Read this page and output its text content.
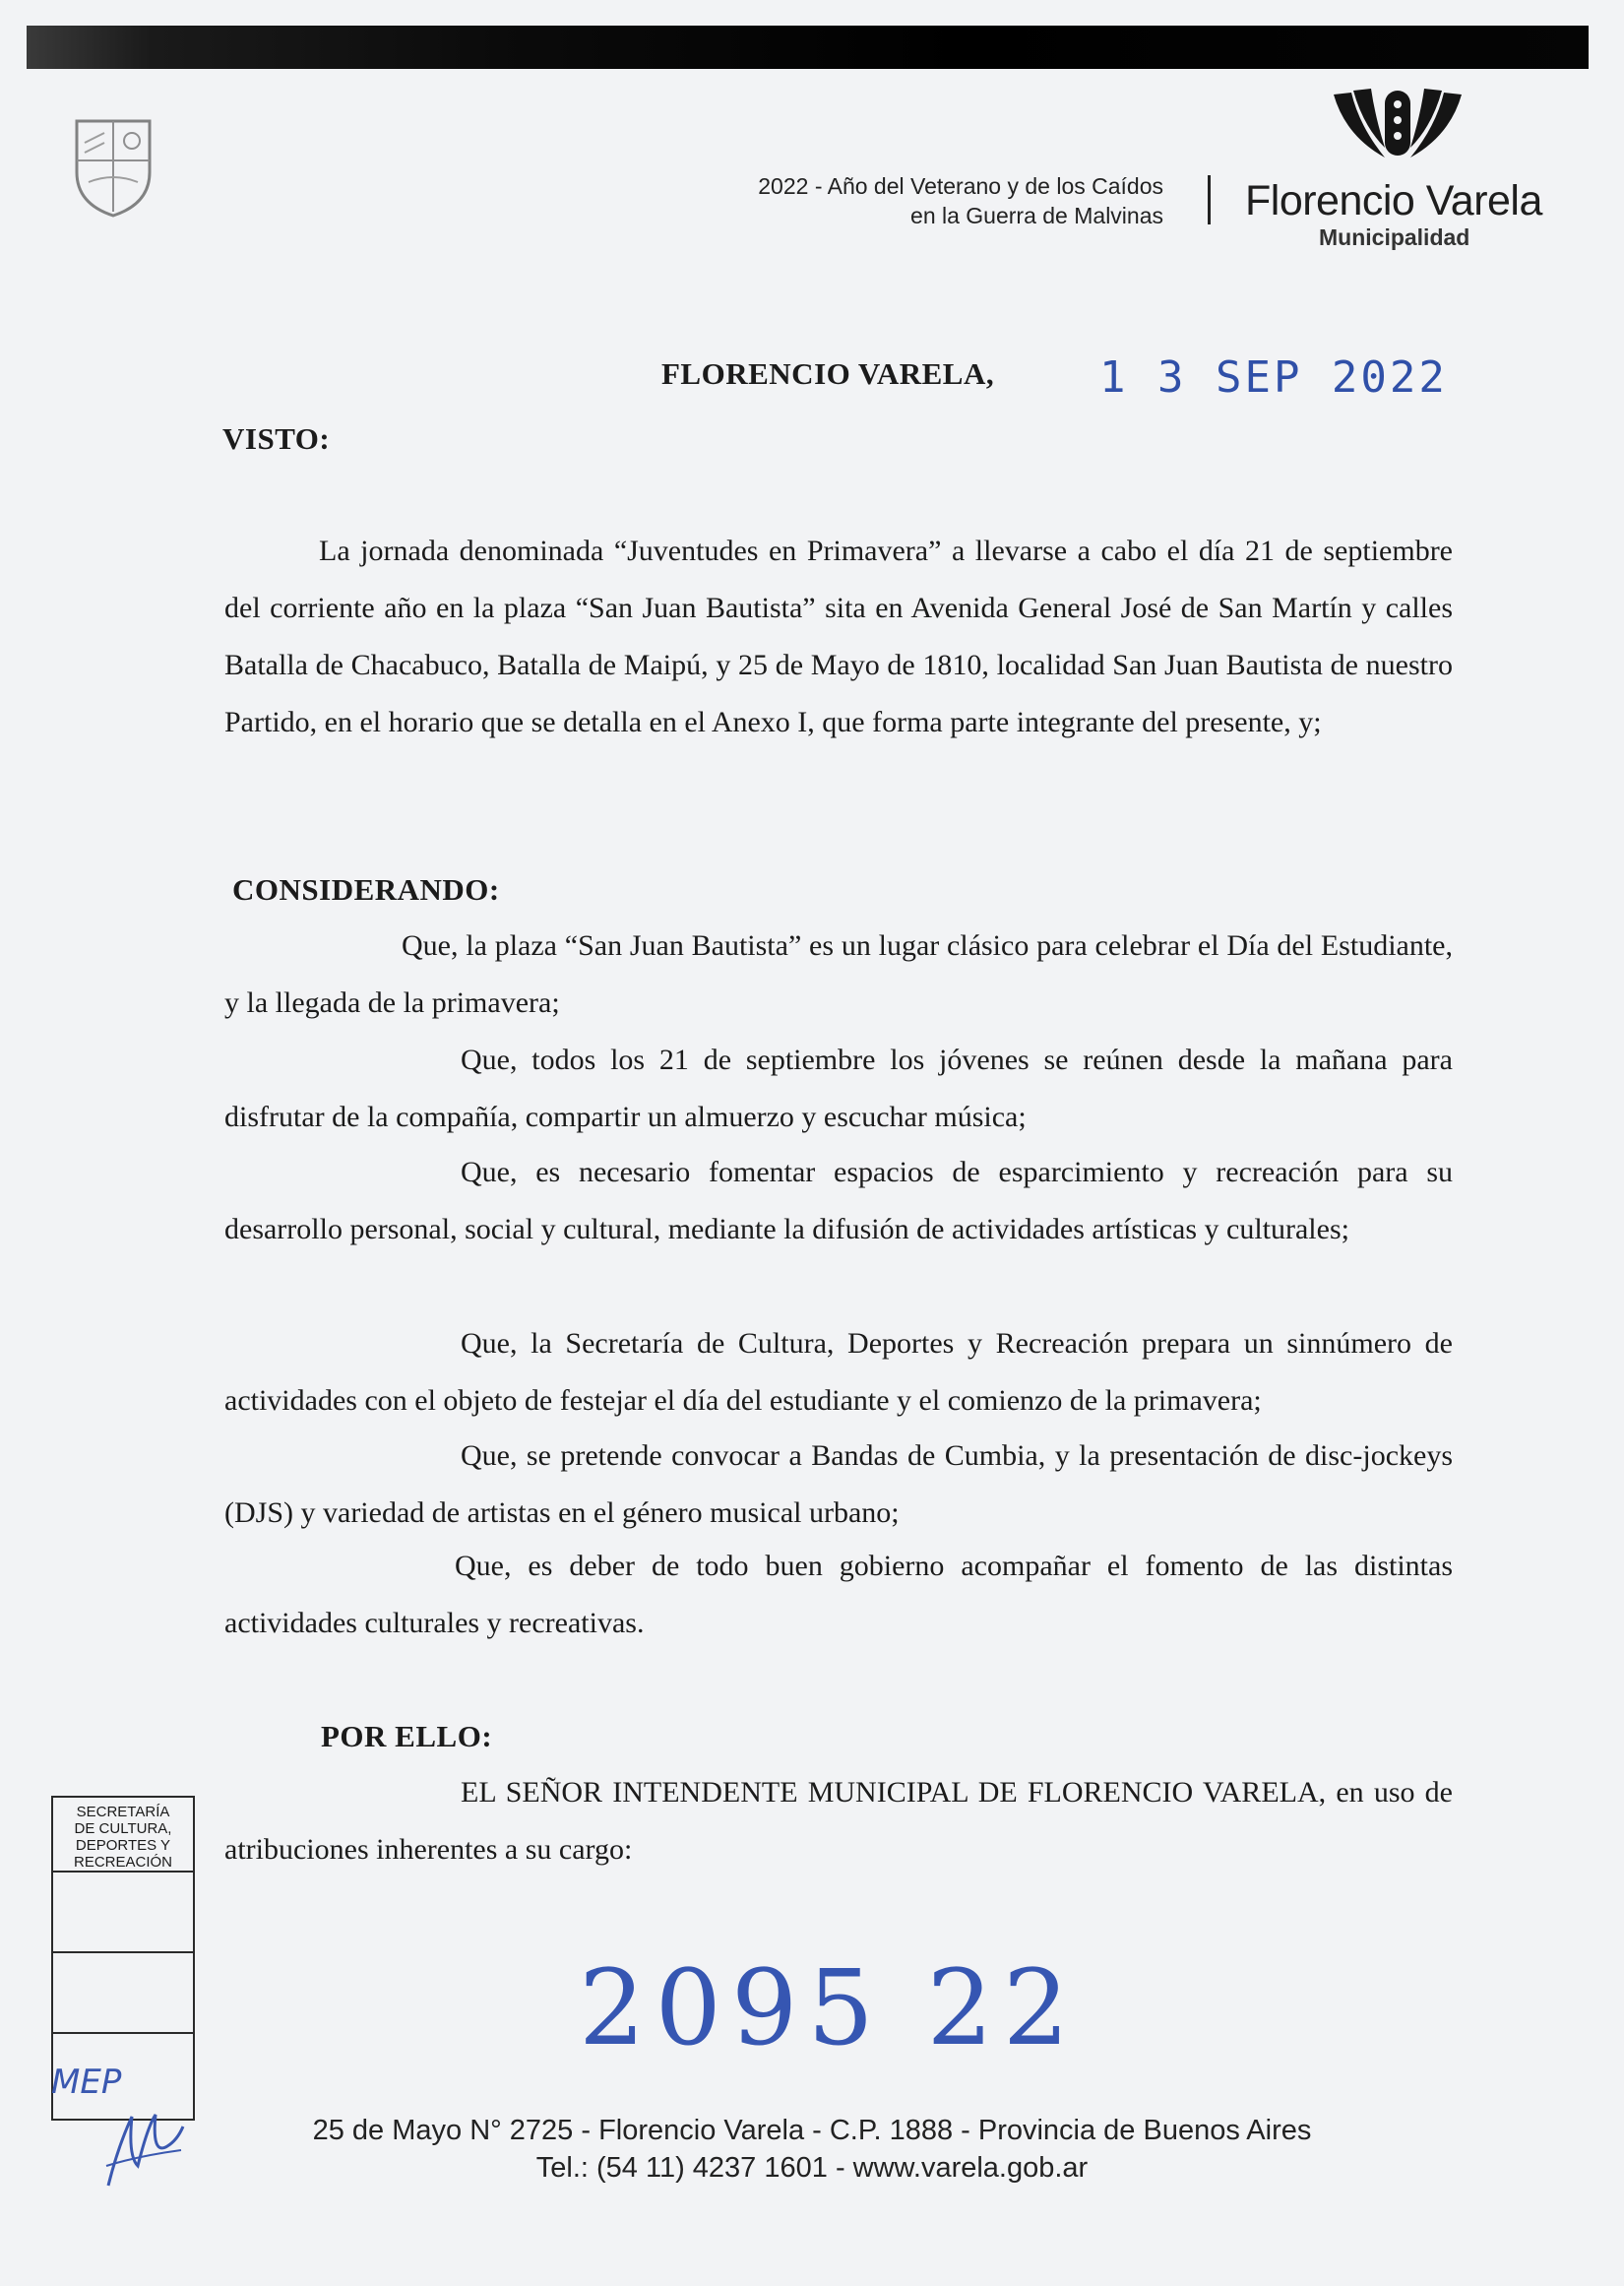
2022 - Año del Veterano y de los Caídos
en la Guerra de Malvinas Florencio Varela
Municipalidad
FLORENCIO VARELA, 1 3 SEP 2022
VISTO:

La jornada denominada “Juventudes en Primavera” a llevarse a cabo el día 21 de septiembre del corriente año en la plaza “San Juan Bautista” sita en Avenida General José de San Martín y calles Batalla de Chacabuco, Batalla de Maipú, y 25 de Mayo de 1810, localidad San Juan Bautista de nuestro Partido, en el horario que se detalla en el Anexo I, que forma parte integrante del presente, y;

CONSIDERANDO:

Que, la plaza “San Juan Bautista” es un lugar clásico para celebrar el Día del Estudiante, y la llegada de la primavera;

Que, todos los 21 de septiembre los jóvenes se reúnen desde la mañana para disfrutar de la compañía, compartir un almuerzo y escuchar música;

Que, es necesario fomentar espacios de esparcimiento y recreación para su desarrollo personal, social y cultural, mediante la difusión de actividades artísticas y culturales;

Que, la Secretaría de Cultura, Deportes y Recreación prepara un sinnúmero de actividades con el objeto de festejar el día del estudiante y el comienzo de la primavera;

Que, se pretende convocar a Bandas de Cumbia, y la presentación de disc-jockeys (DJS) y variedad de artistas en el género musical urbano;

Que, es deber de todo buen gobierno acompañar el fomento de las distintas actividades culturales y recreativas.

POR ELLO:

EL SEÑOR INTENDENTE MUNICIPAL DE FLORENCIO VARELA, en uso de atribuciones inherentes a su cargo:

SECRETARÍA
DE CULTURA,
DEPORTES Y
RECREACIÓN
MEP
2095 22
25 de Mayo N° 2725 - Florencio Varela - C.P. 1888 - Provincia de Buenos Aires
Tel.: (54 11) 4237 1601 - www.varela.gob.ar
